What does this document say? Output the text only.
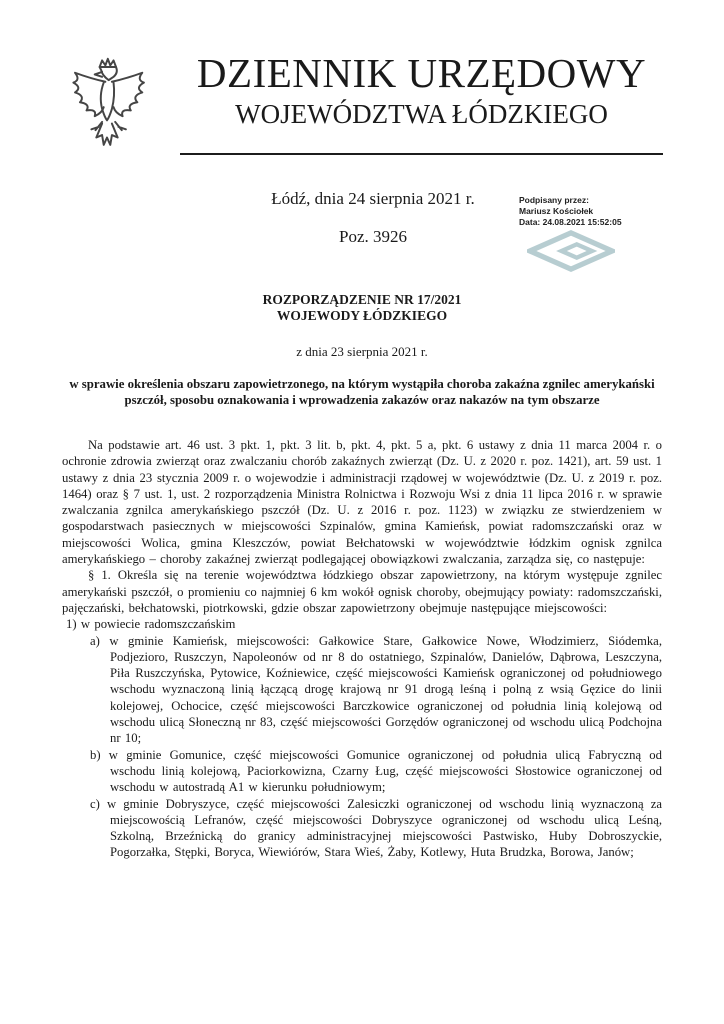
DZIENNIK URZĘDOWY
WOJEWÓDZTWA ŁÓDZKIEGO
Łódź, dnia 24 sierpnia 2021 r.
Poz. 3926
Podpisany przez:
Mariusz Kościołek
Data: 24.08.2021 15:52:05
ROZPORZĄDZENIE NR 17/2021
WOJEWODY ŁÓDZKIEGO
z dnia 23 sierpnia 2021 r.
w sprawie określenia obszaru zapowietrzonego, na którym wystąpiła choroba zakaźna zgnilec amerykański pszczół, sposobu oznakowania i wprowadzenia zakazów oraz nakazów na tym obszarze

Na podstawie art. 46 ust. 3 pkt. 1, pkt. 3 lit. b, pkt. 4, pkt. 5 a, pkt. 6 ustawy z dnia 11 marca 2004 r. o ochronie zdrowia zwierząt oraz zwalczaniu chorób zakaźnych zwierząt (Dz. U. z 2020 r. poz. 1421), art. 59 ust. 1 ustawy z dnia 23 stycznia 2009 r. o wojewodzie i administracji rządowej w województwie (Dz. U. z 2019 r. poz. 1464) oraz § 7 ust. 1, ust. 2 rozporządzenia Ministra Rolnictwa i Rozwoju Wsi z dnia 11 lipca 2016 r. w sprawie zwalczania zgnilca amerykańskiego pszczół (Dz. U. z 2016 r. poz. 1123) w związku ze stwierdzeniem w gospodarstwach pasiecznych w miejscowości Szpinalów, gmina Kamieńsk, powiat radomszczański oraz w miejscowości Wolica, gmina Kleszczów, powiat Bełchatowski w województwie łódzkim ognisk zgnilca amerykańskiego – choroby zakaźnej zwierząt podlegającej obowiązkowi zwalczania, zarządza się, co następuje:

§ 1. Określa się na terenie województwa łódzkiego obszar zapowietrzony, na którym występuje zgnilec amerykański pszczół, o promieniu co najmniej 6 km wokół ognisk choroby, obejmujący powiaty: radomszczański, pajęczański, bełchatowski, piotrkowski, gdzie obszar zapowietrzony obejmuje następujące miejscowości:

1) w powiecie radomszczańskim

a) w gminie Kamieńsk, miejscowości: Gałkowice Stare, Gałkowice Nowe, Włodzimierz, Siódemka, Podjezioro, Ruszczyn, Napoleonów od nr 8 do ostatniego, Szpinalów, Danielów, Dąbrowa, Leszczyna, Piła Ruszczyńska, Pytowice, Koźniewice, część miejscowości Kamieńsk ograniczonej od południowego wschodu wyznaczoną linią łączącą drogę krajową nr 91 drogą leśną i polną z wsią Gęzice do linii kolejowej, Ochocice, część miejscowości Barczkowice ograniczonej od południa linią kolejową od wschodu ulicą Słoneczną nr 83, część miejscowości Gorzędów ograniczonej od wschodu ulicą Podchojna nr 10;

b) w gminie Gomunice, część miejscowości Gomunice ograniczonej od południa ulicą Fabryczną od wschodu linią kolejową, Paciorkowizna, Czarny Ług, część miejscowości Słostowice ograniczonej od wschodu w autostradą A1 w kierunku południowym;

c) w gminie Dobryszyce, część miejscowości Zalesiczki ograniczonej od wschodu linią wyznaczoną za miejscowością Lefranów, część miejscowości Dobryszyce ograniczonej od wschodu ulicą Leśną, Szkolną, Brzeźnicką do granicy administracyjnej miejscowości Pastwisko, Huby Dobroszyckie, Pogorzałka, Stępki, Boryca, Wiewiórów, Stara Wieś, Żaby, Kotlewy, Huta Brudzka, Borowa, Janów;
